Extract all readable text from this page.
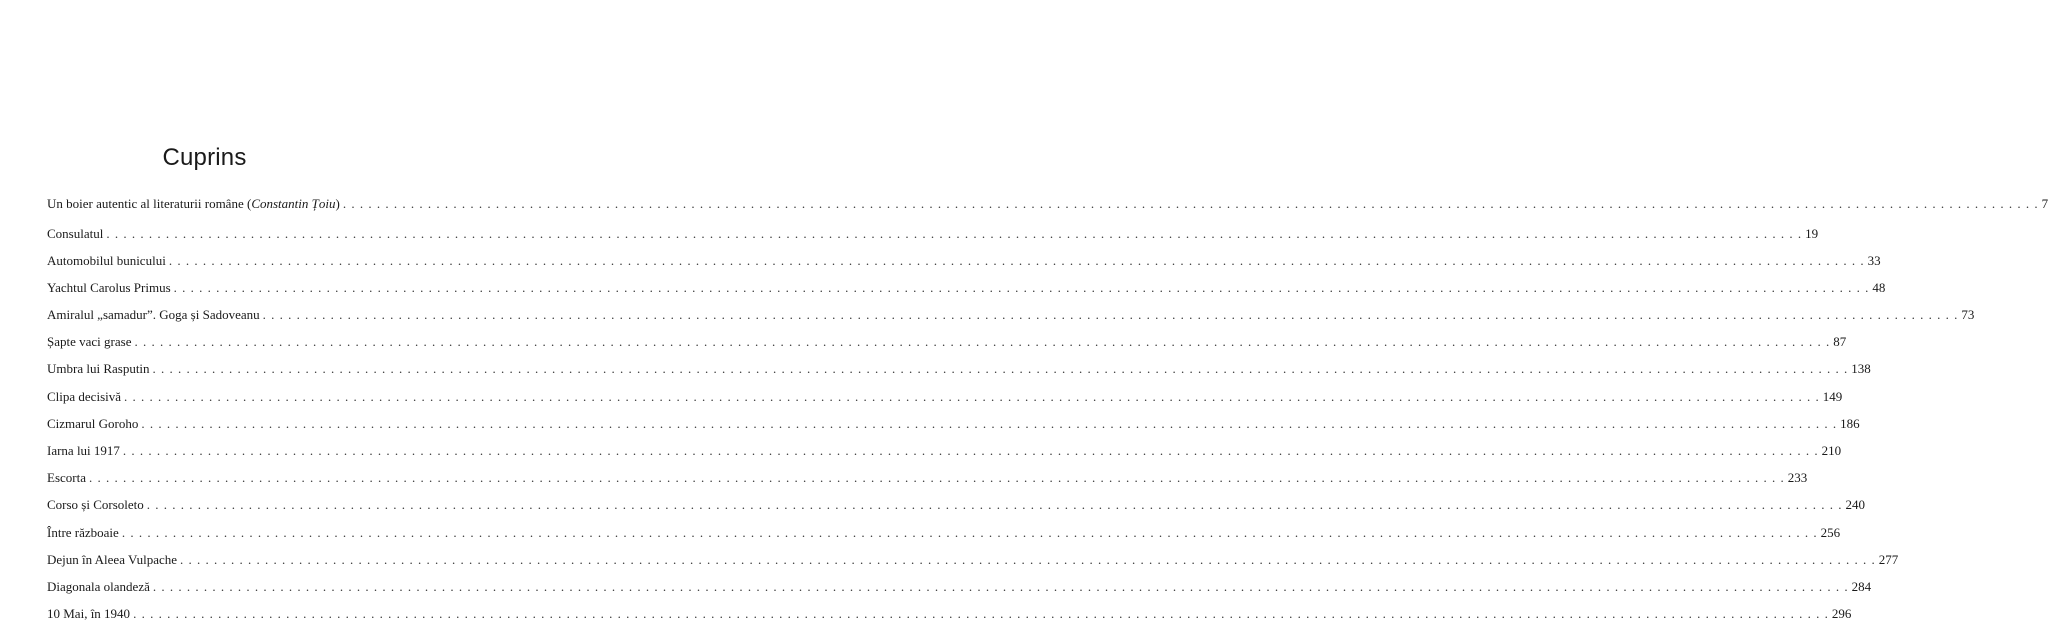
Cuprins
Un boier autentic al literaturii române (Constantin Țoiu) . . . . . . . . . . . . . . . . . . . . . . . . . . . . . . . . . . . . . . . . . . . . . . . . . . . . . . . . . . . . . . . . . . . . . . . . . . . . . . . . . . . . . . . . . . . . . . . . . . . . . . . . . . . . . . . . . . . . . . . . . . . . . . . . . . . . . . . . . . . . . . . . . . . . . . . . . . . . . . . . . . . . . . . . . . . . . . . . . . . . . . . . . . . . . . . . . . . . . . . . 7
Consulatul . . . . . . . . . . . . . . . . . . . . . . . . . . . . . . . . . . . . . . . . . . . . . . . . . . . . . . . . . . . . . . . . . . . . . . . . . . . . . . . . . . . . . . . . . . . . . . . . . . . . . . . . . . . . . . . . . . . . . . . . . . . . . . . . . . . . . . . . . . . . . . . . . . . . . . . . . . . . . . . . . . . . . . . . . . . . . . . . . . . . . . . . . . . . . . . . . . . . . . . . 19
Automobilul bunicului . . . . . . . . . . . . . . . . . . . . . . . . . . . . . . . . . . . . . . . . . . . . . . . . . . . . . . . . . . . . . . . . . . . . . . . . . . . . . . . . . . . . . . . . . . . . . . . . . . . . . . . . . . . . . . . . . . . . . . . . . . . . . . . . . . . . . . . . . . . . . . . . . . . . . . . . . . . . . . . . . . . . . . . . . . . . . . . . . . . . . . . . . . . . . . . . . . . . . . . . 33
Yachtul Carolus Primus . . . . . . . . . . . . . . . . . . . . . . . . . . . . . . . . . . . . . . . . . . . . . . . . . . . . . . . . . . . . . . . . . . . . . . . . . . . . . . . . . . . . . . . . . . . . . . . . . . . . . . . . . . . . . . . . . . . . . . . . . . . . . . . . . . . . . . . . . . . . . . . . . . . . . . . . . . . . . . . . . . . . . . . . . . . . . . . . . . . . . . . . . . . . . . . . . . . . . . . . 48
Amiralul „samadur”. Goga și Sadoveanu . . . . . . . . . . . . . . . . . . . . . . . . . . . . . . . . . . . . . . . . . . . . . . . . . . . . . . . . . . . . . . . . . . . . . . . . . . . . . . . . . . . . . . . . . . . . . . . . . . . . . . . . . . . . . . . . . . . . . . . . . . . . . . . . . . . . . . . . . . . . . . . . . . . . . . . . . . . . . . . . . . . . . . . . . . . . . . . . . . . . . . . . . . . . . . . . . . . . . . . . 73
Șapte vaci grase . . . . . . . . . . . . . . . . . . . . . . . . . . . . . . . . . . . . . . . . . . . . . . . . . . . . . . . . . . . . . . . . . . . . . . . . . . . . . . . . . . . . . . . . . . . . . . . . . . . . . . . . . . . . . . . . . . . . . . . . . . . . . . . . . . . . . . . . . . . . . . . . . . . . . . . . . . . . . . . . . . . . . . . . . . . . . . . . . . . . . . . . . . . . . . . . . . . . . . . . 87
Umbra lui Rasputin . . . . . . . . . . . . . . . . . . . . . . . . . . . . . . . . . . . . . . . . . . . . . . . . . . . . . . . . . . . . . . . . . . . . . . . . . . . . . . . . . . . . . . . . . . . . . . . . . . . . . . . . . . . . . . . . . . . . . . . . . . . . . . . . . . . . . . . . . . . . . . . . . . . . . . . . . . . . . . . . . . . . . . . . . . . . . . . . . . . . . . . . . . . . . . . . . . . . . . . . 138
Clipa decisivă . . . . . . . . . . . . . . . . . . . . . . . . . . . . . . . . . . . . . . . . . . . . . . . . . . . . . . . . . . . . . . . . . . . . . . . . . . . . . . . . . . . . . . . . . . . . . . . . . . . . . . . . . . . . . . . . . . . . . . . . . . . . . . . . . . . . . . . . . . . . . . . . . . . . . . . . . . . . . . . . . . . . . . . . . . . . . . . . . . . . . . . . . . . . . . . . . . . . . . . . 149
Cizmarul Goroho . . . . . . . . . . . . . . . . . . . . . . . . . . . . . . . . . . . . . . . . . . . . . . . . . . . . . . . . . . . . . . . . . . . . . . . . . . . . . . . . . . . . . . . . . . . . . . . . . . . . . . . . . . . . . . . . . . . . . . . . . . . . . . . . . . . . . . . . . . . . . . . . . . . . . . . . . . . . . . . . . . . . . . . . . . . . . . . . . . . . . . . . . . . . . . . . . . . . . . . . 186
Iarna lui 1917 . . . . . . . . . . . . . . . . . . . . . . . . . . . . . . . . . . . . . . . . . . . . . . . . . . . . . . . . . . . . . . . . . . . . . . . . . . . . . . . . . . . . . . . . . . . . . . . . . . . . . . . . . . . . . . . . . . . . . . . . . . . . . . . . . . . . . . . . . . . . . . . . . . . . . . . . . . . . . . . . . . . . . . . . . . . . . . . . . . . . . . . . . . . . . . . . . . . . . . . . 210
Escorta . . . . . . . . . . . . . . . . . . . . . . . . . . . . . . . . . . . . . . . . . . . . . . . . . . . . . . . . . . . . . . . . . . . . . . . . . . . . . . . . . . . . . . . . . . . . . . . . . . . . . . . . . . . . . . . . . . . . . . . . . . . . . . . . . . . . . . . . . . . . . . . . . . . . . . . . . . . . . . . . . . . . . . . . . . . . . . . . . . . . . . . . . . . . . . . . . . . . . . . . 233
Corso și Corsoleto . . . . . . . . . . . . . . . . . . . . . . . . . . . . . . . . . . . . . . . . . . . . . . . . . . . . . . . . . . . . . . . . . . . . . . . . . . . . . . . . . . . . . . . . . . . . . . . . . . . . . . . . . . . . . . . . . . . . . . . . . . . . . . . . . . . . . . . . . . . . . . . . . . . . . . . . . . . . . . . . . . . . . . . . . . . . . . . . . . . . . . . . . . . . . . . . . . . . . . . . 240
Între războaie . . . . . . . . . . . . . . . . . . . . . . . . . . . . . . . . . . . . . . . . . . . . . . . . . . . . . . . . . . . . . . . . . . . . . . . . . . . . . . . . . . . . . . . . . . . . . . . . . . . . . . . . . . . . . . . . . . . . . . . . . . . . . . . . . . . . . . . . . . . . . . . . . . . . . . . . . . . . . . . . . . . . . . . . . . . . . . . . . . . . . . . . . . . . . . . . . . . . . . . . 256
Dejun în Aleea Vulpache . . . . . . . . . . . . . . . . . . . . . . . . . . . . . . . . . . . . . . . . . . . . . . . . . . . . . . . . . . . . . . . . . . . . . . . . . . . . . . . . . . . . . . . . . . . . . . . . . . . . . . . . . . . . . . . . . . . . . . . . . . . . . . . . . . . . . . . . . . . . . . . . . . . . . . . . . . . . . . . . . . . . . . . . . . . . . . . . . . . . . . . . . . . . . . . . . . . . . . . . 277
Diagonala olandeză . . . . . . . . . . . . . . . . . . . . . . . . . . . . . . . . . . . . . . . . . . . . . . . . . . . . . . . . . . . . . . . . . . . . . . . . . . . . . . . . . . . . . . . . . . . . . . . . . . . . . . . . . . . . . . . . . . . . . . . . . . . . . . . . . . . . . . . . . . . . . . . . . . . . . . . . . . . . . . . . . . . . . . . . . . . . . . . . . . . . . . . . . . . . . . . . . . . . . . . . 284
10 Mai, în 1940 . . . . . . . . . . . . . . . . . . . . . . . . . . . . . . . . . . . . . . . . . . . . . . . . . . . . . . . . . . . . . . . . . . . . . . . . . . . . . . . . . . . . . . . . . . . . . . . . . . . . . . . . . . . . . . . . . . . . . . . . . . . . . . . . . . . . . . . . . . . . . . . . . . . . . . . . . . . . . . . . . . . . . . . . . . . . . . . . . . . . . . . . . . . . . . . . . . . . . . . . 296
